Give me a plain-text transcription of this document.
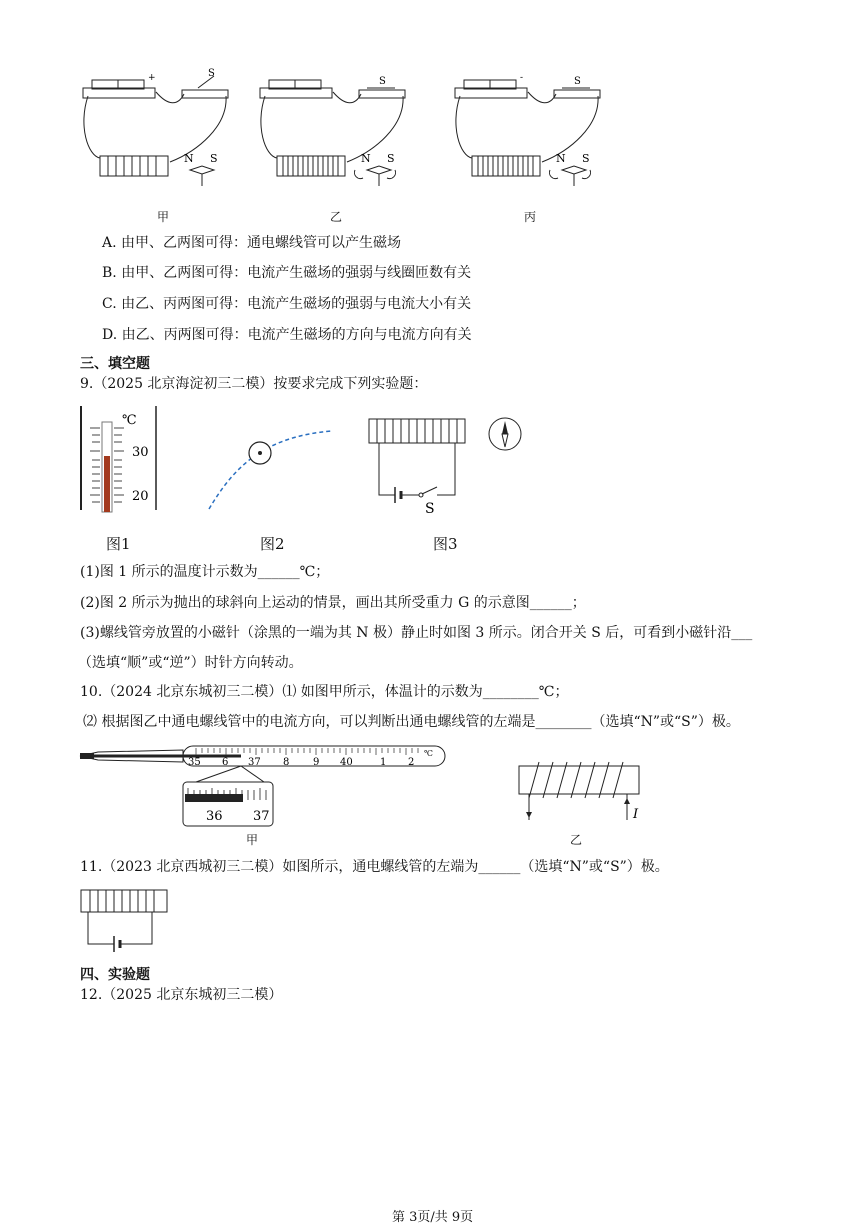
+	S
N S
甲
S
N S
乙
-	S
N S
丙
A. 由甲、乙两图可得：通电螺线管可以产生磁场
B. 由甲、乙两图可得：电流产生磁场的强弱与线圈匝数有关
C. 由乙、丙两图可得：电流产生磁场的强弱与电流大小有关
D. 由乙、丙两图可得：电流产生磁场的方向与电流方向有关
三、填空题
9.（2025 北京海淀初三二模）按要求完成下列实验题：
℃
30
20
图1	图2
S
图3
(1)图 1 所示的温度计示数为______℃；
(2)图 2 所示为抛出的球斜向上运动的情景，画出其所受重力 G 的示意图______；
(3)螺线管旁放置的小磁针（涂黑的一端为其 N 极）静止时如图 3 所示。闭合开关 S 后，可看到小磁针沿___
（选填“顺”或“逆”）时针方向转动。
10.（2024 北京东城初三二模）⑴ 如图甲所示，体温计的示数为________℃；
⑵ 根据图乙中通电螺线管中的电流方向，可以判断出通电螺线管的左端是________（选填“N”或“S”）极。
35 6 37 8 9 40	1 2
℃
36 37
甲
I
乙
11.（2023 北京西城初三二模）如图所示，通电螺线管的左端为______（选填“N”或“S”）极。
四、实验题
12.（2025 北京东城初三二模）
第 3页/共 9页
